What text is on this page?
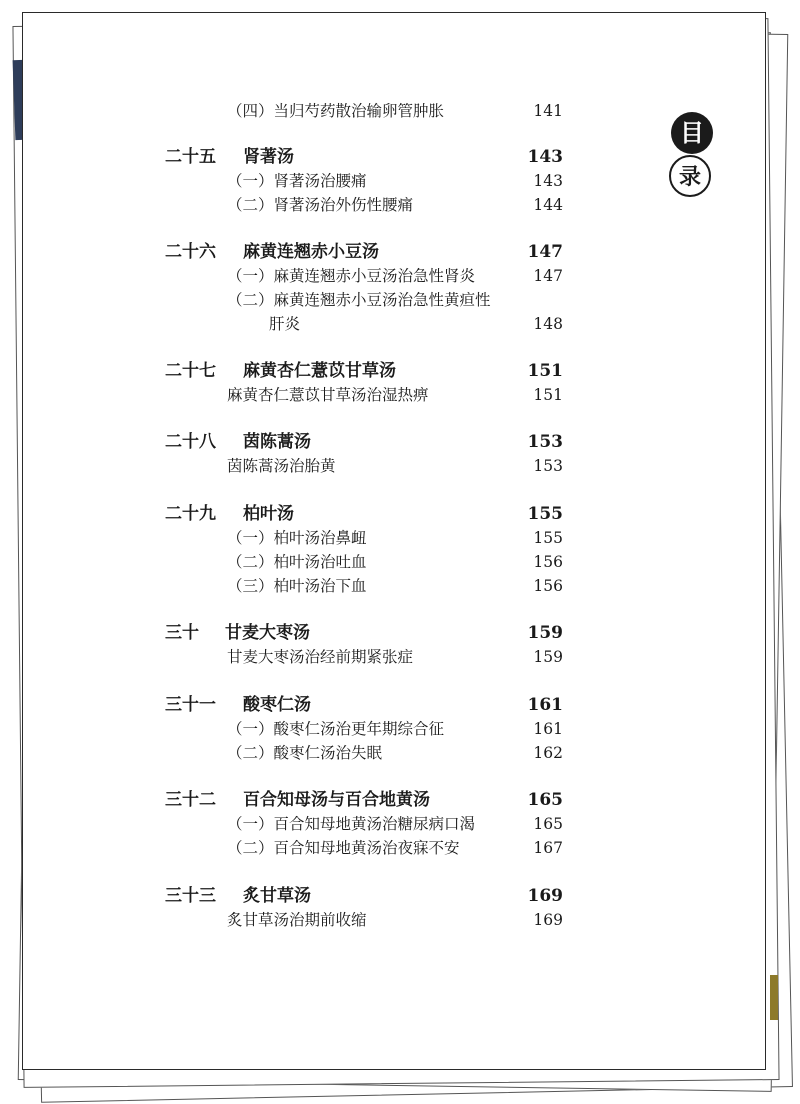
目
录
（四）当归芍药散治输卵管肿胀	141
二十五 肾著汤	143
（一）肾著汤治腰痛	143
（二）肾著汤治外伤性腰痛	144
二十六 麻黄连翘赤小豆汤	147
（一）麻黄连翘赤小豆汤治急性肾炎	147
（二）麻黄连翘赤小豆汤治急性黄疸性
肝炎	148
二十七 麻黄杏仁薏苡甘草汤	151
麻黄杏仁薏苡甘草汤治湿热痹	151
二十八 茵陈蒿汤	153
茵陈蒿汤治胎黄	153
二十九 柏叶汤	155
（一）柏叶汤治鼻衄	155
（二）柏叶汤治吐血	156
（三）柏叶汤治下血	156
三十 甘麦大枣汤	159
甘麦大枣汤治经前期紧张症	159
三十一 酸枣仁汤	161
（一）酸枣仁汤治更年期综合征	161
（二）酸枣仁汤治失眠	162
三十二 百合知母汤与百合地黄汤	165
（一）百合知母地黄汤治糖尿病口渴	165
（二）百合知母地黄汤治夜寐不安	167
三十三 炙甘草汤	169
炙甘草汤治期前收缩	169
